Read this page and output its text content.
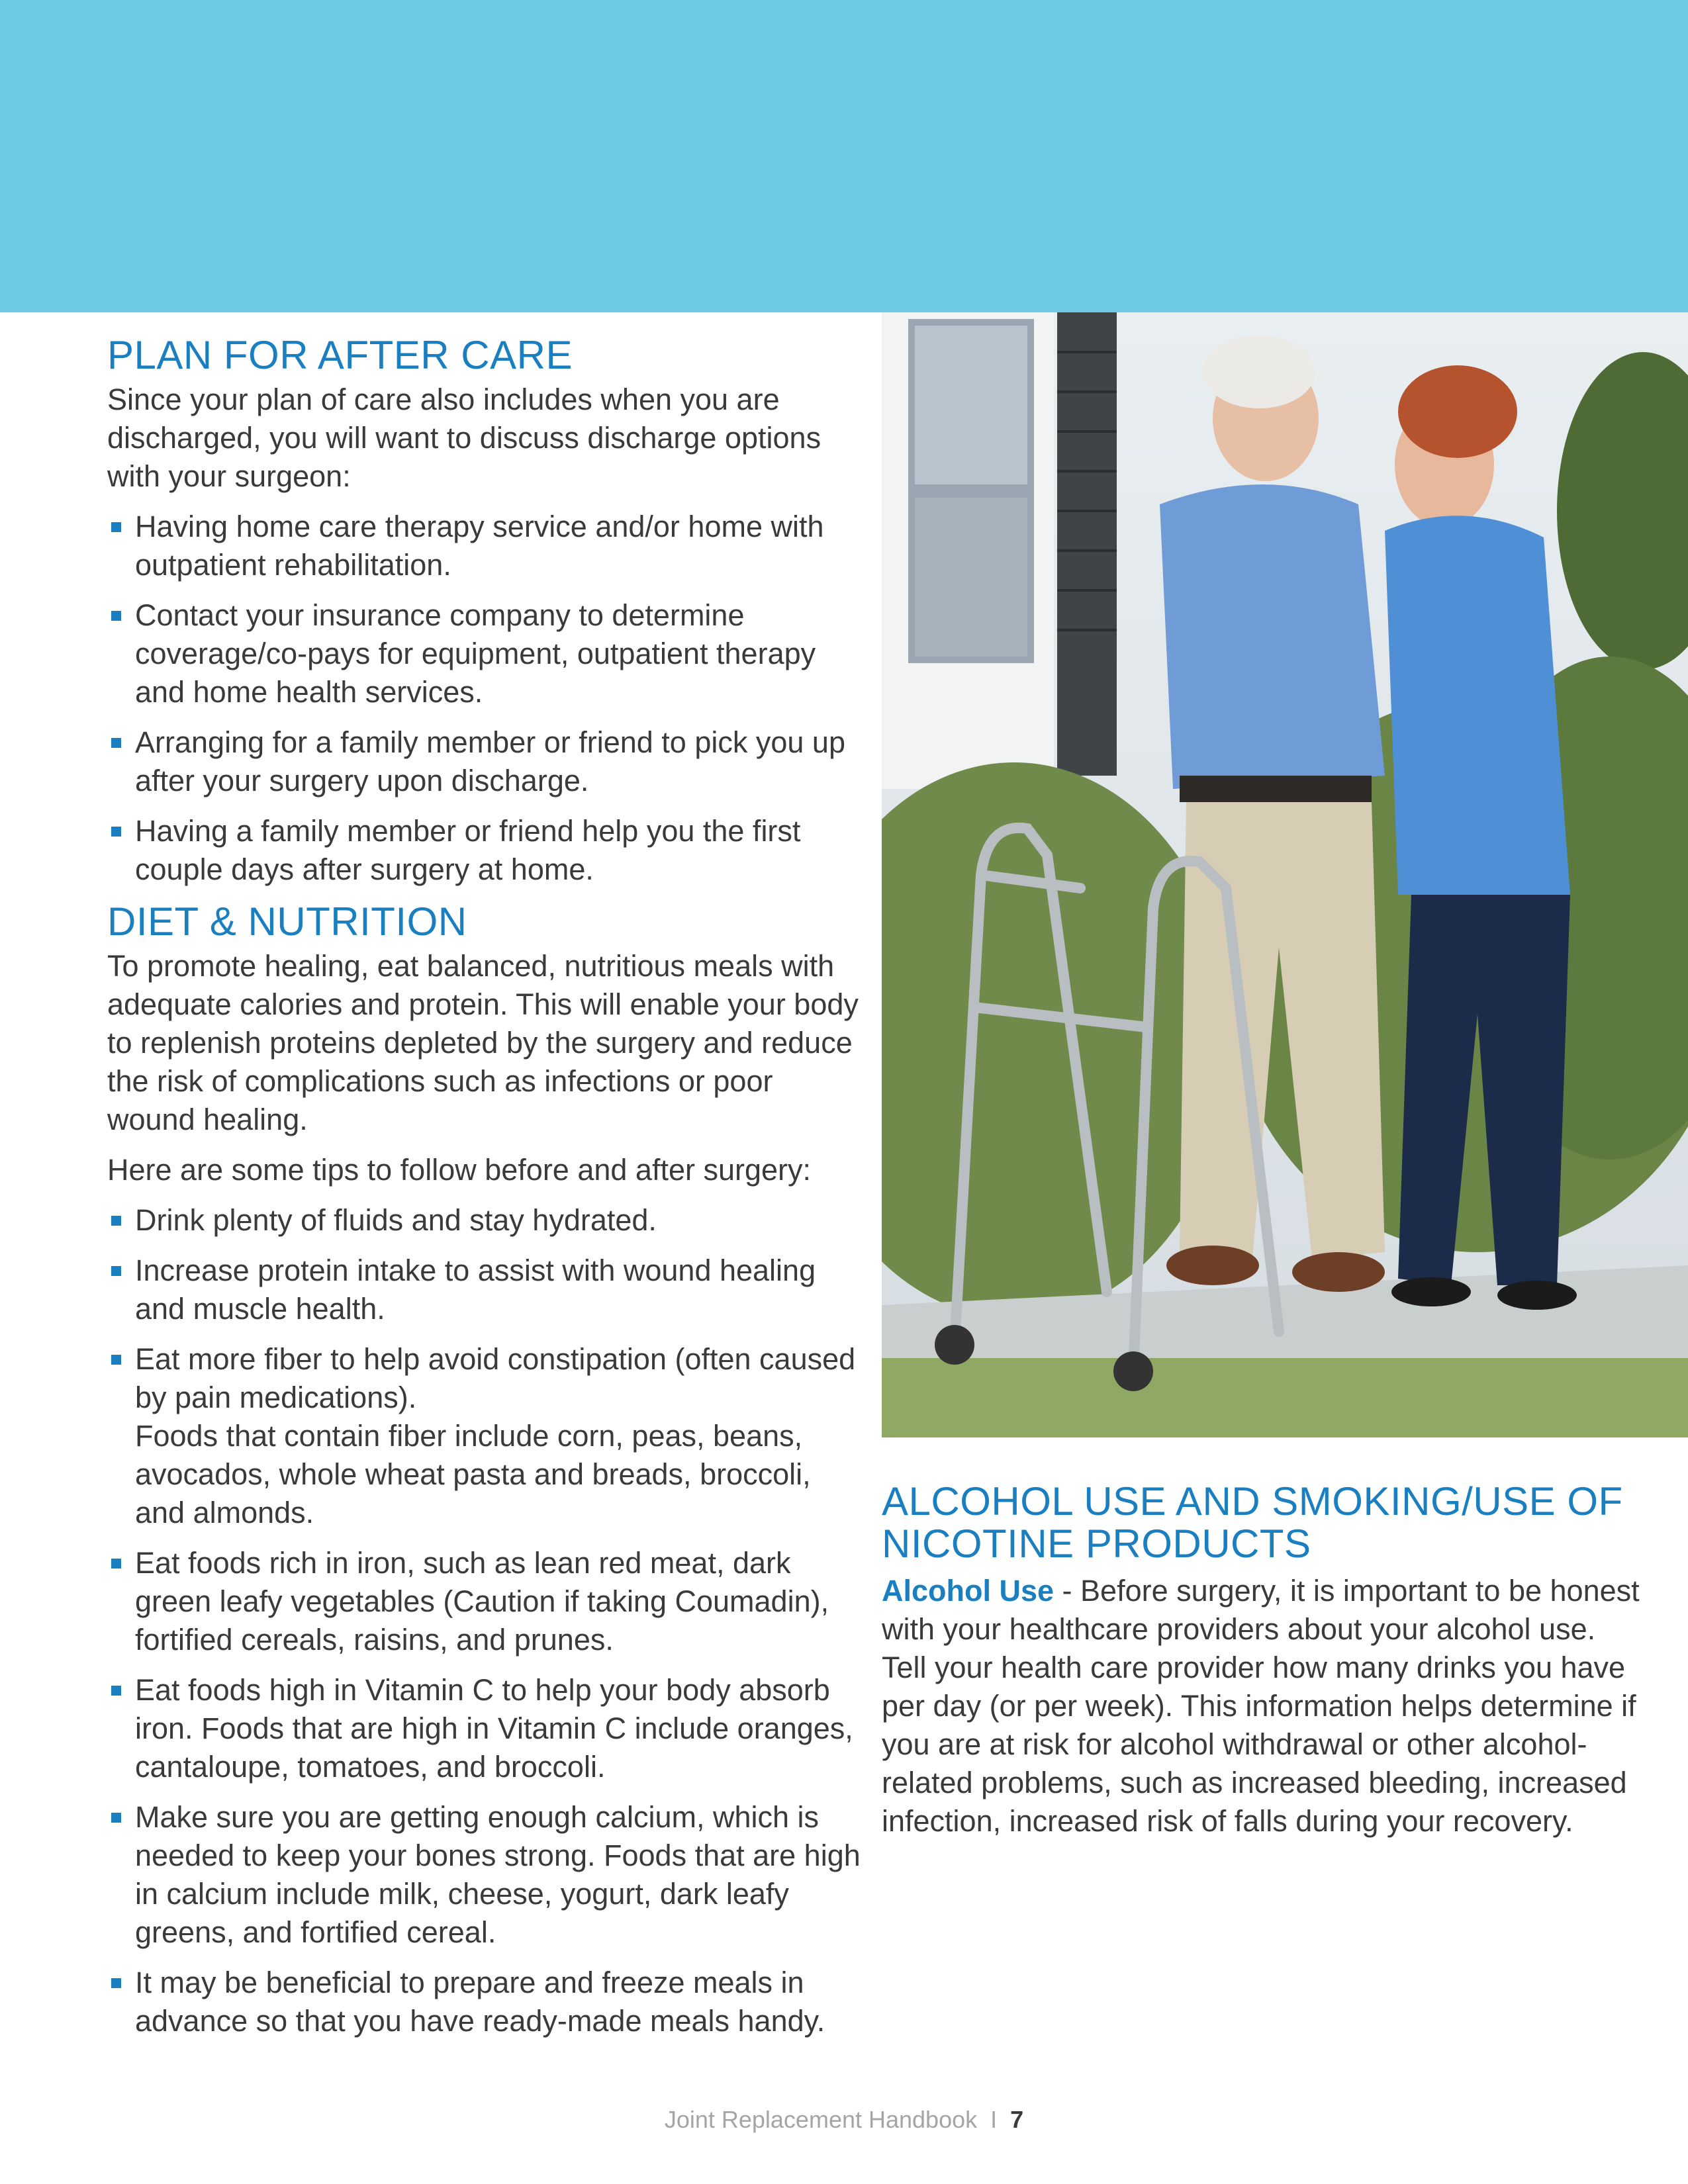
PLAN FOR AFTER CARE

Since your plan of care also includes when you are discharged, you will want to discuss discharge options with your surgeon:

Having home care therapy service and/or home with outpatient rehabilitation.
Contact your insurance company to determine coverage/co-pays for equipment, outpatient therapy and home health services.
Arranging for a family member or friend to pick you up after your surgery upon discharge.
Having a family member or friend help you the first couple days after surgery at home.
DIET & NUTRITION

To promote healing, eat balanced, nutritious meals with adequate calories and protein. This will enable your body to replenish proteins depleted by the surgery and reduce the risk of complications such as infections or poor wound healing.

Here are some tips to follow before and after surgery:

Drink plenty of fluids and stay hydrated.
Increase protein intake to assist with wound healing and muscle health.
Eat more fiber to help avoid constipation (often caused by pain medications).
Foods that contain fiber include corn, peas, beans, avocados, whole wheat pasta and breads, broccoli, and almonds.
Eat foods rich in iron, such as lean red meat, dark green leafy vegetables (Caution if taking Coumadin), fortified cereals, raisins, and prunes.
Eat foods high in Vitamin C to help your body absorb iron. Foods that are high in Vitamin C include oranges, cantaloupe, tomatoes, and broccoli.
Make sure you are getting enough calcium, which is needed to keep your bones strong. Foods that are high in calcium include milk, cheese, yogurt, dark leafy greens, and fortified cereal.
It may be beneficial to prepare and freeze meals in advance so that you have ready-made meals handy.
ALCOHOL USE AND SMOKING/USE OF NICOTINE PRODUCTS

Alcohol Use - Before surgery, it is important to be honest with your healthcare providers about your alcohol use. Tell your health care provider how many drinks you have per day (or per week). This information helps determine if you are at risk for alcohol withdrawal or other alcohol-related problems, such as increased bleeding, increased infection, increased risk of falls during your recovery.

Joint Replacement Handbook I 7
